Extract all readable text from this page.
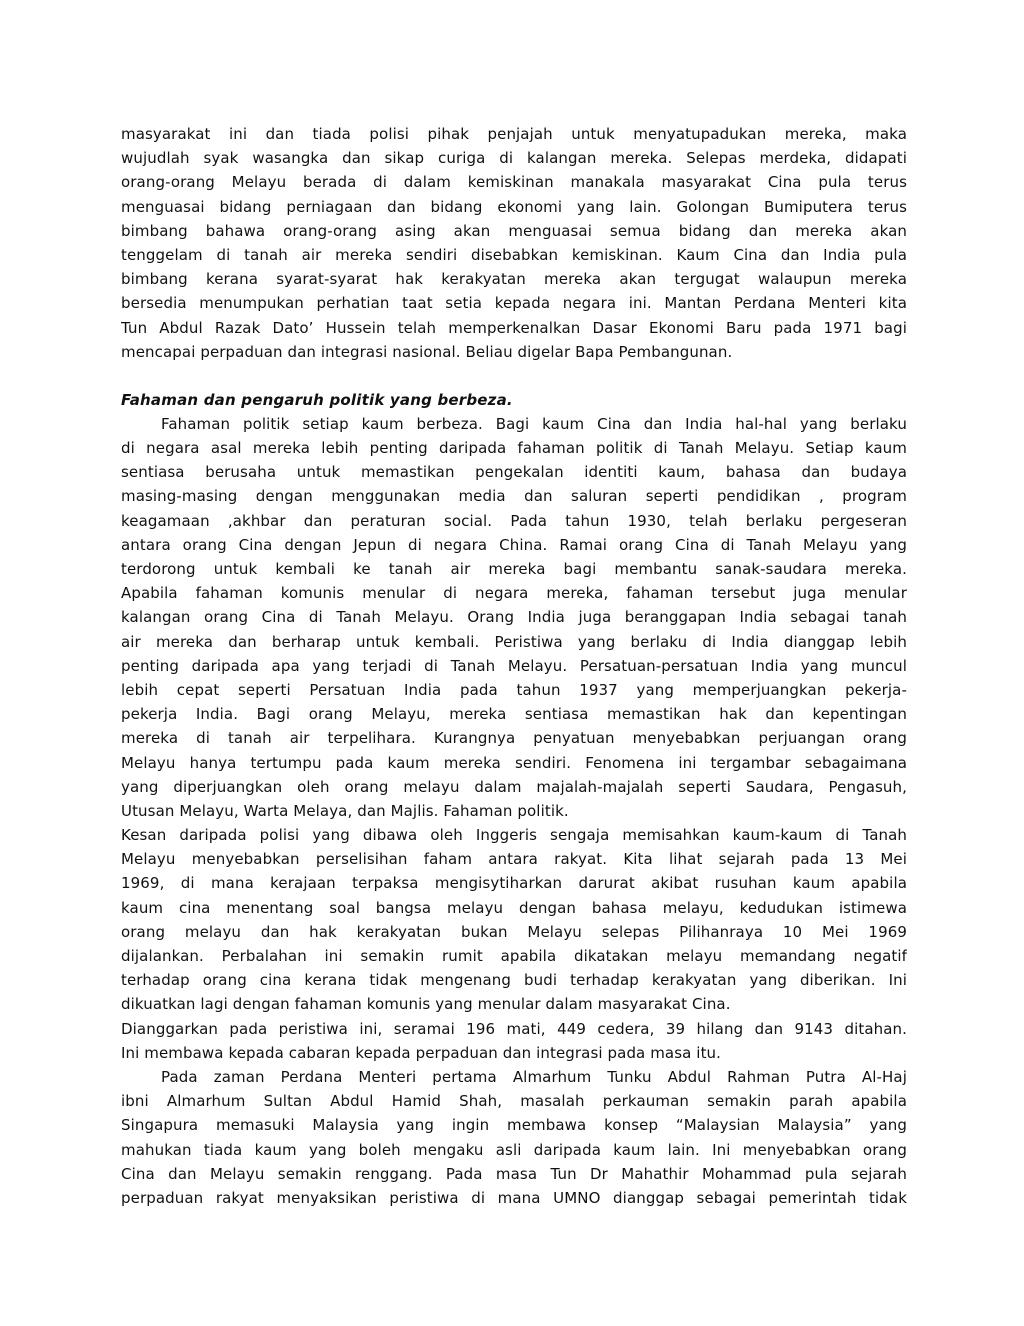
masyarakat ini dan tiada polisi pihak penjajah untuk menyatupadukan mereka, maka
wujudlah syak wasangka dan sikap curiga di kalangan mereka. Selepas merdeka, didapati
orang-orang Melayu berada di dalam kemiskinan manakala masyarakat Cina pula terus
menguasai bidang perniagaan dan bidang ekonomi yang lain. Golongan Bumiputera terus
bimbang bahawa orang-orang asing akan menguasai semua bidang dan mereka akan
tenggelam di tanah air mereka sendiri disebabkan kemiskinan. Kaum Cina dan India pula
bimbang kerana syarat-syarat hak kerakyatan mereka akan tergugat walaupun mereka
bersedia menumpukan perhatian taat setia kepada negara ini. Mantan Perdana Menteri kita
Tun Abdul Razak Dato’ Hussein telah memperkenalkan Dasar Ekonomi Baru pada 1971 bagi
mencapai perpaduan dan integrasi nasional. Beliau digelar Bapa Pembangunan.
Fahaman dan pengaruh politik yang berbeza.
Fahaman politik setiap kaum berbeza. Bagi kaum Cina dan India hal-hal yang berlaku
di negara asal mereka lebih penting daripada fahaman politik di Tanah Melayu. Setiap kaum
sentiasa berusaha untuk memastikan pengekalan identiti kaum, bahasa dan budaya
masing-masing dengan menggunakan media dan saluran seperti pendidikan , program
keagamaan ,akhbar dan peraturan social. Pada tahun 1930, telah berlaku pergeseran
antara orang Cina dengan Jepun di negara China. Ramai orang Cina di Tanah Melayu yang
terdorong untuk kembali ke tanah air mereka bagi membantu sanak-saudara mereka.
Apabila fahaman komunis menular di negara mereka, fahaman tersebut juga menular
kalangan orang Cina di Tanah Melayu. Orang India juga beranggapan India sebagai tanah
air mereka dan berharap untuk kembali. Peristiwa yang berlaku di India dianggap lebih
penting daripada apa yang terjadi di Tanah Melayu. Persatuan-persatuan India yang muncul
lebih cepat seperti Persatuan India pada tahun 1937 yang memperjuangkan pekerja-
pekerja India. Bagi orang Melayu, mereka sentiasa memastikan hak dan kepentingan
mereka di tanah air terpelihara. Kurangnya penyatuan menyebabkan perjuangan orang
Melayu hanya tertumpu pada kaum mereka sendiri. Fenomena ini tergambar sebagaimana
yang diperjuangkan oleh orang melayu dalam majalah-majalah seperti Saudara, Pengasuh,
Utusan Melayu, Warta Melaya, dan Majlis. Fahaman politik.
Kesan daripada polisi yang dibawa oleh Inggeris sengaja memisahkan kaum-kaum di Tanah
Melayu menyebabkan perselisihan faham antara rakyat. Kita lihat sejarah pada 13 Mei
1969, di mana kerajaan terpaksa mengisytiharkan darurat akibat rusuhan kaum apabila
kaum cina menentang soal bangsa melayu dengan bahasa melayu, kedudukan istimewa
orang melayu dan hak kerakyatan bukan Melayu selepas Pilihanraya 10 Mei 1969
dijalankan. Perbalahan ini semakin rumit apabila dikatakan melayu memandang negatif
terhadap orang cina kerana tidak mengenang budi terhadap kerakyatan yang diberikan. Ini
dikuatkan lagi dengan fahaman komunis yang menular dalam masyarakat Cina.
Dianggarkan pada peristiwa ini, seramai 196 mati, 449 cedera, 39 hilang dan 9143 ditahan.
Ini membawa kepada cabaran kepada perpaduan dan integrasi pada masa itu.
Pada zaman Perdana Menteri pertama Almarhum Tunku Abdul Rahman Putra Al-Haj
ibni Almarhum Sultan Abdul Hamid Shah, masalah perkauman semakin parah apabila
Singapura memasuki Malaysia yang ingin membawa konsep “Malaysian Malaysia” yang
mahukan tiada kaum yang boleh mengaku asli daripada kaum lain. Ini menyebabkan orang
Cina dan Melayu semakin renggang. Pada masa Tun Dr Mahathir Mohammad pula sejarah
perpaduan rakyat menyaksikan peristiwa di mana UMNO dianggap sebagai pemerintah tidak
